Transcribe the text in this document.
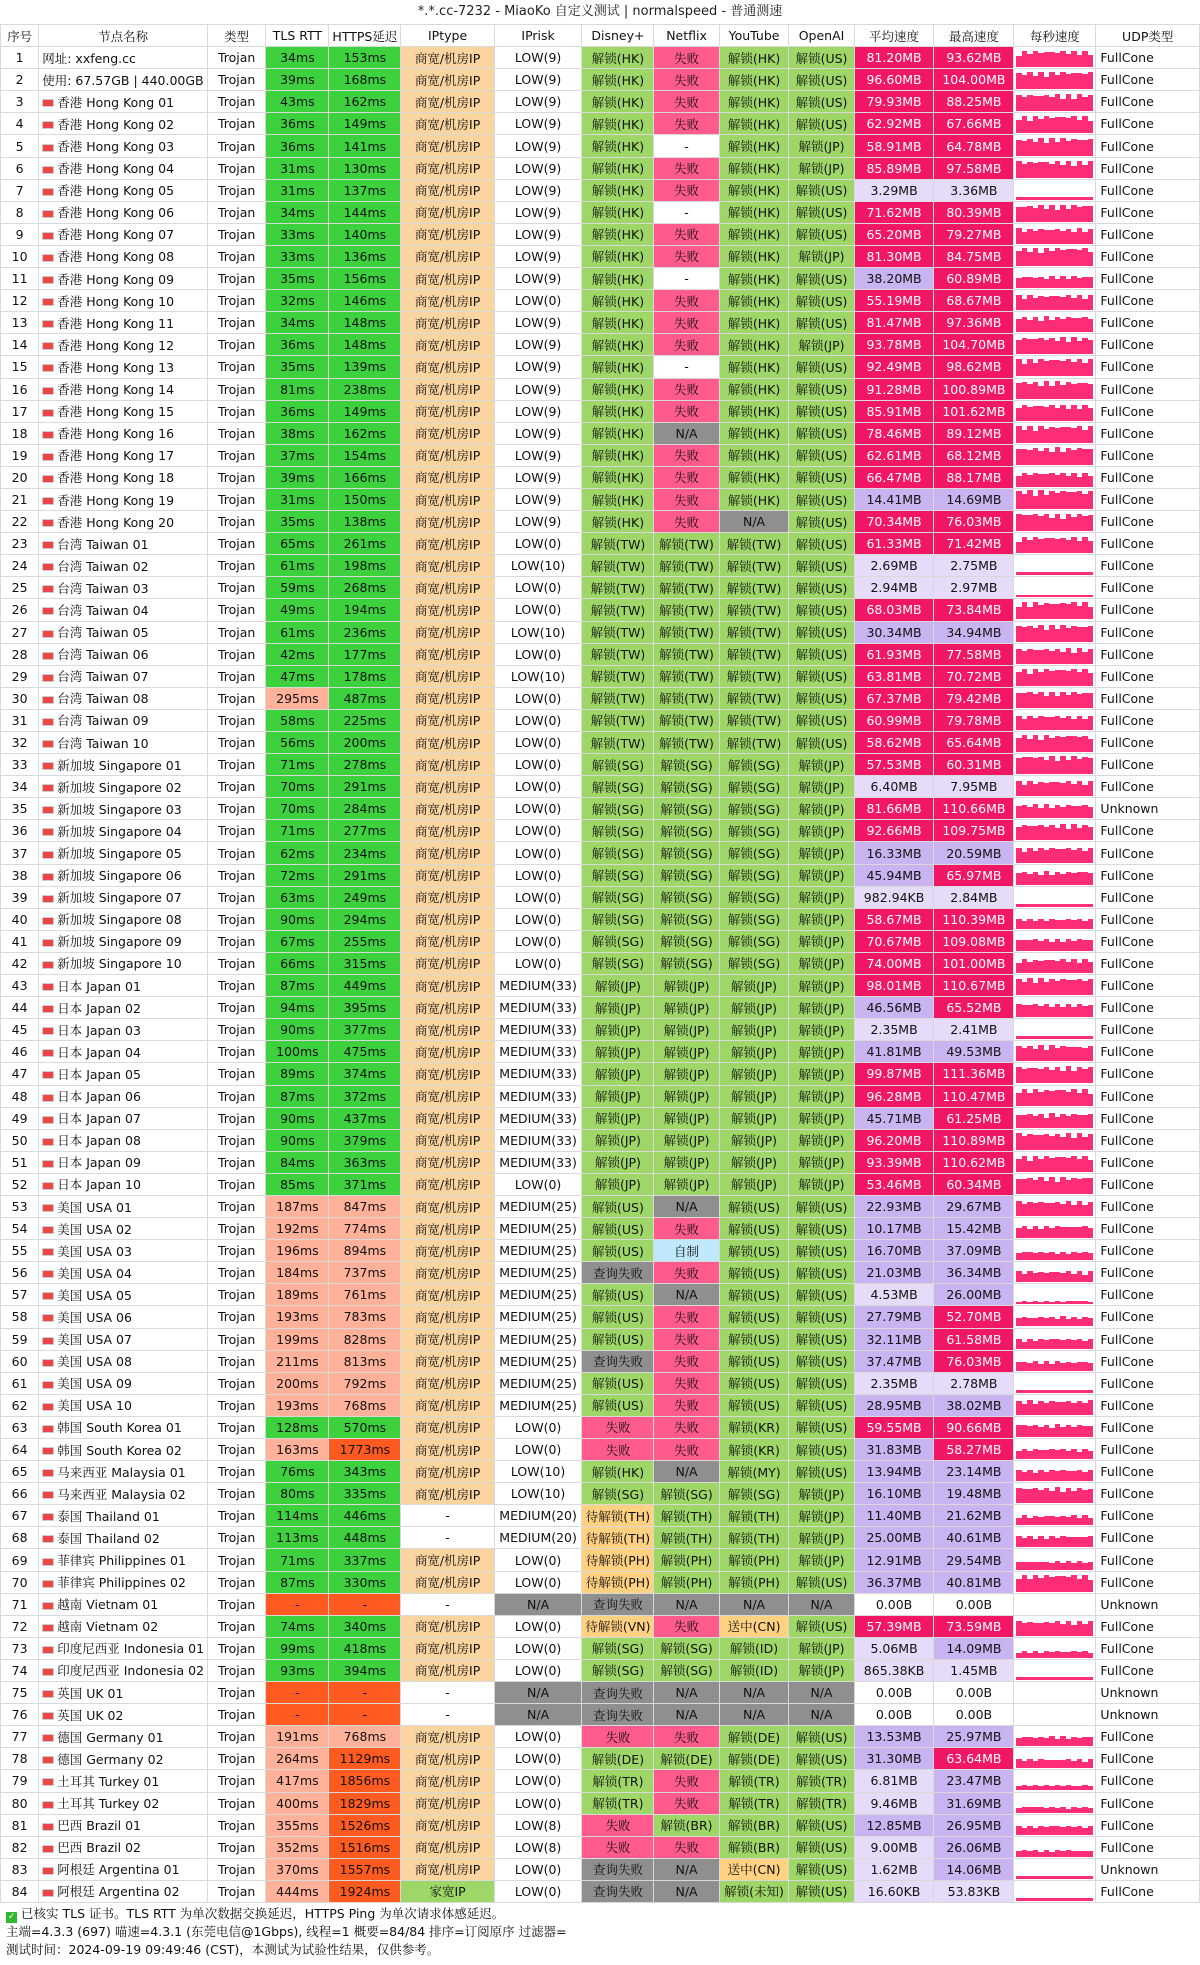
*.*.cc-7232 - MiaoKo 自定义测试 | normalspeed - 普通测速
序号	节点名称	类型	TLS RTT	HTTPS延迟	IPtype	IPrisk	Disney+	Netflix	YouTube	OpenAI	平均速度	最高速度	每秒速度	UDP类型
1	网址: xxfeng.cc	Trojan	34ms	153ms	商宽/机房IP	LOW(9)	解锁(HK)	失败	解锁(HK)	解锁(US)	81.20MB	93.62MB		FullCone
2	使用: 67.57GB | 440.00GB	Trojan	39ms	168ms	商宽/机房IP	LOW(9)	解锁(HK)	失败	解锁(HK)	解锁(US)	96.60MB	104.00MB		FullCone
3	香港 Hong Kong 01	Trojan	43ms	162ms	商宽/机房IP	LOW(9)	解锁(HK)	失败	解锁(HK)	解锁(US)	79.93MB	88.25MB		FullCone
4	香港 Hong Kong 02	Trojan	36ms	149ms	商宽/机房IP	LOW(9)	解锁(HK)	失败	解锁(HK)	解锁(US)	62.92MB	67.66MB		FullCone
5	香港 Hong Kong 03	Trojan	36ms	141ms	商宽/机房IP	LOW(9)	解锁(HK)	-	解锁(HK)	解锁(JP)	58.91MB	64.78MB		FullCone
6	香港 Hong Kong 04	Trojan	31ms	130ms	商宽/机房IP	LOW(9)	解锁(HK)	失败	解锁(HK)	解锁(JP)	85.89MB	97.58MB		FullCone
7	香港 Hong Kong 05	Trojan	31ms	137ms	商宽/机房IP	LOW(9)	解锁(HK)	失败	解锁(HK)	解锁(US)	3.29MB	3.36MB		FullCone
8	香港 Hong Kong 06	Trojan	34ms	144ms	商宽/机房IP	LOW(9)	解锁(HK)	-	解锁(HK)	解锁(US)	71.62MB	80.39MB		FullCone
9	香港 Hong Kong 07	Trojan	33ms	140ms	商宽/机房IP	LOW(9)	解锁(HK)	失败	解锁(HK)	解锁(US)	65.20MB	79.27MB		FullCone
10	香港 Hong Kong 08	Trojan	33ms	136ms	商宽/机房IP	LOW(9)	解锁(HK)	失败	解锁(HK)	解锁(JP)	81.30MB	84.75MB		FullCone
11	香港 Hong Kong 09	Trojan	35ms	156ms	商宽/机房IP	LOW(9)	解锁(HK)	-	解锁(HK)	解锁(US)	38.20MB	60.89MB		FullCone
12	香港 Hong Kong 10	Trojan	32ms	146ms	商宽/机房IP	LOW(0)	解锁(HK)	失败	解锁(HK)	解锁(US)	55.19MB	68.67MB		FullCone
13	香港 Hong Kong 11	Trojan	34ms	148ms	商宽/机房IP	LOW(9)	解锁(HK)	失败	解锁(HK)	解锁(US)	81.47MB	97.36MB		FullCone
14	香港 Hong Kong 12	Trojan	36ms	148ms	商宽/机房IP	LOW(9)	解锁(HK)	失败	解锁(HK)	解锁(JP)	93.78MB	104.70MB		FullCone
15	香港 Hong Kong 13	Trojan	35ms	139ms	商宽/机房IP	LOW(9)	解锁(HK)	-	解锁(HK)	解锁(US)	92.49MB	98.62MB		FullCone
16	香港 Hong Kong 14	Trojan	81ms	238ms	商宽/机房IP	LOW(9)	解锁(HK)	失败	解锁(HK)	解锁(US)	91.28MB	100.89MB		FullCone
17	香港 Hong Kong 15	Trojan	36ms	149ms	商宽/机房IP	LOW(9)	解锁(HK)	失败	解锁(HK)	解锁(US)	85.91MB	101.62MB		FullCone
18	香港 Hong Kong 16	Trojan	38ms	162ms	商宽/机房IP	LOW(9)	解锁(HK)	N/A	解锁(HK)	解锁(US)	78.46MB	89.12MB		FullCone
19	香港 Hong Kong 17	Trojan	37ms	154ms	商宽/机房IP	LOW(9)	解锁(HK)	失败	解锁(HK)	解锁(US)	62.61MB	68.12MB		FullCone
20	香港 Hong Kong 18	Trojan	39ms	166ms	商宽/机房IP	LOW(9)	解锁(HK)	失败	解锁(HK)	解锁(US)	66.47MB	88.17MB		FullCone
21	香港 Hong Kong 19	Trojan	31ms	150ms	商宽/机房IP	LOW(9)	解锁(HK)	失败	解锁(HK)	解锁(US)	14.41MB	14.69MB		FullCone
22	香港 Hong Kong 20	Trojan	35ms	138ms	商宽/机房IP	LOW(9)	解锁(HK)	失败	N/A	解锁(US)	70.34MB	76.03MB		FullCone
23	台湾 Taiwan 01	Trojan	65ms	261ms	商宽/机房IP	LOW(0)	解锁(TW)	解锁(TW)	解锁(TW)	解锁(US)	61.33MB	71.42MB		FullCone
24	台湾 Taiwan 02	Trojan	61ms	198ms	商宽/机房IP	LOW(10)	解锁(TW)	解锁(TW)	解锁(TW)	解锁(US)	2.69MB	2.75MB		FullCone
25	台湾 Taiwan 03	Trojan	59ms	268ms	商宽/机房IP	LOW(0)	解锁(TW)	解锁(TW)	解锁(TW)	解锁(US)	2.94MB	2.97MB		FullCone
26	台湾 Taiwan 04	Trojan	49ms	194ms	商宽/机房IP	LOW(0)	解锁(TW)	解锁(TW)	解锁(TW)	解锁(US)	68.03MB	73.84MB		FullCone
27	台湾 Taiwan 05	Trojan	61ms	236ms	商宽/机房IP	LOW(10)	解锁(TW)	解锁(TW)	解锁(TW)	解锁(US)	30.34MB	34.94MB		FullCone
28	台湾 Taiwan 06	Trojan	42ms	177ms	商宽/机房IP	LOW(0)	解锁(TW)	解锁(TW)	解锁(TW)	解锁(US)	61.93MB	77.58MB		FullCone
29	台湾 Taiwan 07	Trojan	47ms	178ms	商宽/机房IP	LOW(10)	解锁(TW)	解锁(TW)	解锁(TW)	解锁(US)	63.81MB	70.72MB		FullCone
30	台湾 Taiwan 08	Trojan	295ms	487ms	商宽/机房IP	LOW(0)	解锁(TW)	解锁(TW)	解锁(TW)	解锁(US)	67.37MB	79.42MB		FullCone
31	台湾 Taiwan 09	Trojan	58ms	225ms	商宽/机房IP	LOW(0)	解锁(TW)	解锁(TW)	解锁(TW)	解锁(US)	60.99MB	79.78MB		FullCone
32	台湾 Taiwan 10	Trojan	56ms	200ms	商宽/机房IP	LOW(0)	解锁(TW)	解锁(TW)	解锁(TW)	解锁(US)	58.62MB	65.64MB		FullCone
33	新加坡 Singapore 01	Trojan	71ms	278ms	商宽/机房IP	LOW(0)	解锁(SG)	解锁(SG)	解锁(SG)	解锁(JP)	57.53MB	60.31MB		FullCone
34	新加坡 Singapore 02	Trojan	70ms	291ms	商宽/机房IP	LOW(0)	解锁(SG)	解锁(SG)	解锁(SG)	解锁(JP)	6.40MB	7.95MB		FullCone
35	新加坡 Singapore 03	Trojan	70ms	284ms	商宽/机房IP	LOW(0)	解锁(SG)	解锁(SG)	解锁(SG)	解锁(JP)	81.66MB	110.66MB		Unknown
36	新加坡 Singapore 04	Trojan	71ms	277ms	商宽/机房IP	LOW(0)	解锁(SG)	解锁(SG)	解锁(SG)	解锁(JP)	92.66MB	109.75MB		FullCone
37	新加坡 Singapore 05	Trojan	62ms	234ms	商宽/机房IP	LOW(0)	解锁(SG)	解锁(SG)	解锁(SG)	解锁(JP)	16.33MB	20.59MB		FullCone
38	新加坡 Singapore 06	Trojan	72ms	291ms	商宽/机房IP	LOW(0)	解锁(SG)	解锁(SG)	解锁(SG)	解锁(JP)	45.94MB	65.97MB		FullCone
39	新加坡 Singapore 07	Trojan	63ms	249ms	商宽/机房IP	LOW(0)	解锁(SG)	解锁(SG)	解锁(SG)	解锁(JP)	982.94KB	2.84MB		FullCone
40	新加坡 Singapore 08	Trojan	90ms	294ms	商宽/机房IP	LOW(0)	解锁(SG)	解锁(SG)	解锁(SG)	解锁(JP)	58.67MB	110.39MB		FullCone
41	新加坡 Singapore 09	Trojan	67ms	255ms	商宽/机房IP	LOW(0)	解锁(SG)	解锁(SG)	解锁(SG)	解锁(JP)	70.67MB	109.08MB		FullCone
42	新加坡 Singapore 10	Trojan	66ms	315ms	商宽/机房IP	LOW(0)	解锁(SG)	解锁(SG)	解锁(SG)	解锁(JP)	74.00MB	101.00MB		FullCone
43	日本 Japan 01	Trojan	87ms	449ms	商宽/机房IP	MEDIUM(33)	解锁(JP)	解锁(JP)	解锁(JP)	解锁(JP)	98.01MB	110.67MB		FullCone
44	日本 Japan 02	Trojan	94ms	395ms	商宽/机房IP	MEDIUM(33)	解锁(JP)	解锁(JP)	解锁(JP)	解锁(JP)	46.56MB	65.52MB		FullCone
45	日本 Japan 03	Trojan	90ms	377ms	商宽/机房IP	MEDIUM(33)	解锁(JP)	解锁(JP)	解锁(JP)	解锁(JP)	2.35MB	2.41MB		FullCone
46	日本 Japan 04	Trojan	100ms	475ms	商宽/机房IP	MEDIUM(33)	解锁(JP)	解锁(JP)	解锁(JP)	解锁(JP)	41.81MB	49.53MB		FullCone
47	日本 Japan 05	Trojan	89ms	374ms	商宽/机房IP	MEDIUM(33)	解锁(JP)	解锁(JP)	解锁(JP)	解锁(JP)	99.87MB	111.36MB		FullCone
48	日本 Japan 06	Trojan	87ms	372ms	商宽/机房IP	MEDIUM(33)	解锁(JP)	解锁(JP)	解锁(JP)	解锁(JP)	96.28MB	110.47MB		FullCone
49	日本 Japan 07	Trojan	90ms	437ms	商宽/机房IP	MEDIUM(33)	解锁(JP)	解锁(JP)	解锁(JP)	解锁(JP)	45.71MB	61.25MB		FullCone
50	日本 Japan 08	Trojan	90ms	379ms	商宽/机房IP	MEDIUM(33)	解锁(JP)	解锁(JP)	解锁(JP)	解锁(JP)	96.20MB	110.89MB		FullCone
51	日本 Japan 09	Trojan	84ms	363ms	商宽/机房IP	MEDIUM(33)	解锁(JP)	解锁(JP)	解锁(JP)	解锁(JP)	93.39MB	110.62MB		FullCone
52	日本 Japan 10	Trojan	85ms	371ms	商宽/机房IP	LOW(0)	解锁(JP)	解锁(JP)	解锁(JP)	解锁(JP)	53.46MB	60.34MB		FullCone
53	美国 USA 01	Trojan	187ms	847ms	商宽/机房IP	MEDIUM(25)	解锁(US)	N/A	解锁(US)	解锁(US)	22.93MB	29.67MB		FullCone
54	美国 USA 02	Trojan	192ms	774ms	商宽/机房IP	MEDIUM(25)	解锁(US)	失败	解锁(US)	解锁(US)	10.17MB	15.42MB		FullCone
55	美国 USA 03	Trojan	196ms	894ms	商宽/机房IP	MEDIUM(25)	解锁(US)	自制	解锁(US)	解锁(US)	16.70MB	37.09MB		FullCone
56	美国 USA 04	Trojan	184ms	737ms	商宽/机房IP	MEDIUM(25)	查询失败	失败	解锁(US)	解锁(US)	21.03MB	36.34MB		FullCone
57	美国 USA 05	Trojan	189ms	761ms	商宽/机房IP	MEDIUM(25)	解锁(US)	N/A	解锁(US)	解锁(US)	4.53MB	26.00MB		FullCone
58	美国 USA 06	Trojan	193ms	783ms	商宽/机房IP	MEDIUM(25)	解锁(US)	失败	解锁(US)	解锁(US)	27.79MB	52.70MB		FullCone
59	美国 USA 07	Trojan	199ms	828ms	商宽/机房IP	MEDIUM(25)	解锁(US)	失败	解锁(US)	解锁(US)	32.11MB	61.58MB		FullCone
60	美国 USA 08	Trojan	211ms	813ms	商宽/机房IP	MEDIUM(25)	查询失败	失败	解锁(US)	解锁(US)	37.47MB	76.03MB		FullCone
61	美国 USA 09	Trojan	200ms	792ms	商宽/机房IP	MEDIUM(25)	解锁(US)	失败	解锁(US)	解锁(US)	2.35MB	2.78MB		FullCone
62	美国 USA 10	Trojan	193ms	768ms	商宽/机房IP	MEDIUM(25)	解锁(US)	失败	解锁(US)	解锁(US)	28.95MB	38.02MB		FullCone
63	韩国 South Korea 01	Trojan	128ms	570ms	商宽/机房IP	LOW(0)	失败	失败	解锁(KR)	解锁(US)	59.55MB	90.66MB		FullCone
64	韩国 South Korea 02	Trojan	163ms	1773ms	商宽/机房IP	LOW(0)	失败	失败	解锁(KR)	解锁(US)	31.83MB	58.27MB		FullCone
65	马来西亚 Malaysia 01	Trojan	76ms	343ms	商宽/机房IP	LOW(10)	解锁(HK)	N/A	解锁(MY)	解锁(US)	13.94MB	23.14MB		FullCone
66	马来西亚 Malaysia 02	Trojan	80ms	335ms	商宽/机房IP	LOW(10)	解锁(SG)	解锁(SG)	解锁(SG)	解锁(JP)	16.10MB	19.48MB		FullCone
67	泰国 Thailand 01	Trojan	114ms	446ms	-	MEDIUM(20)	待解锁(TH)	解锁(TH)	解锁(TH)	解锁(JP)	11.40MB	21.62MB		FullCone
68	泰国 Thailand 02	Trojan	113ms	448ms	-	MEDIUM(20)	待解锁(TH)	解锁(TH)	解锁(TH)	解锁(JP)	25.00MB	40.61MB		FullCone
69	菲律宾 Philippines 01	Trojan	71ms	337ms	商宽/机房IP	LOW(0)	待解锁(PH)	解锁(PH)	解锁(PH)	解锁(JP)	12.91MB	29.54MB		FullCone
70	菲律宾 Philippines 02	Trojan	87ms	330ms	商宽/机房IP	LOW(0)	待解锁(PH)	解锁(PH)	解锁(PH)	解锁(US)	36.37MB	40.81MB		FullCone
71	越南 Vietnam 01	Trojan	-	-	-	N/A	查询失败	N/A	N/A	N/A	0.00B	0.00B		Unknown
72	越南 Vietnam 02	Trojan	74ms	340ms	商宽/机房IP	LOW(0)	待解锁(VN)	失败	送中(CN)	解锁(US)	57.39MB	73.59MB		FullCone
73	印度尼西亚 Indonesia 01	Trojan	99ms	418ms	商宽/机房IP	LOW(0)	解锁(SG)	解锁(SG)	解锁(ID)	解锁(JP)	5.06MB	14.09MB		FullCone
74	印度尼西亚 Indonesia 02	Trojan	93ms	394ms	商宽/机房IP	LOW(0)	解锁(SG)	解锁(SG)	解锁(ID)	解锁(JP)	865.38KB	1.45MB		FullCone
75	英国 UK 01	Trojan	-	-	-	N/A	查询失败	N/A	N/A	N/A	0.00B	0.00B		Unknown
76	英国 UK 02	Trojan	-	-	-	N/A	查询失败	N/A	N/A	N/A	0.00B	0.00B		Unknown
77	德国 Germany 01	Trojan	191ms	768ms	商宽/机房IP	LOW(0)	失败	失败	解锁(DE)	解锁(US)	13.53MB	25.97MB		FullCone
78	德国 Germany 02	Trojan	264ms	1129ms	商宽/机房IP	LOW(0)	解锁(DE)	解锁(DE)	解锁(DE)	解锁(US)	31.30MB	63.64MB		FullCone
79	土耳其 Turkey 01	Trojan	417ms	1856ms	商宽/机房IP	LOW(0)	解锁(TR)	失败	解锁(TR)	解锁(TR)	6.81MB	23.47MB		FullCone
80	土耳其 Turkey 02	Trojan	400ms	1829ms	商宽/机房IP	LOW(0)	解锁(TR)	失败	解锁(TR)	解锁(TR)	9.46MB	31.69MB		FullCone
81	巴西 Brazil 01	Trojan	355ms	1526ms	商宽/机房IP	LOW(8)	失败	解锁(BR)	解锁(BR)	解锁(US)	12.85MB	26.95MB		FullCone
82	巴西 Brazil 02	Trojan	352ms	1516ms	商宽/机房IP	LOW(8)	失败	失败	解锁(BR)	解锁(US)	9.00MB	26.06MB		FullCone
83	阿根廷 Argentina 01	Trojan	370ms	1557ms	商宽/机房IP	LOW(0)	查询失败	N/A	送中(CN)	解锁(US)	1.62MB	14.06MB		Unknown
84	阿根廷 Argentina 02	Trojan	444ms	1924ms	家宽IP	LOW(0)	查询失败	N/A	解锁(未知)	解锁(US)	16.60KB	53.83KB		FullCone
✓ 已核实 TLS 证书。TLS RTT 为单次数据交换延迟，HTTPS Ping 为单次请求体感延迟。
主端=4.3.3 (697) 喵速=4.3.1 (东莞电信@1Gbps), 线程=1 概要=84/84 排序=订阅原序 过滤器=
测试时间：2024-09-19 09:49:46 (CST)，本测试为试验性结果，仅供参考。
